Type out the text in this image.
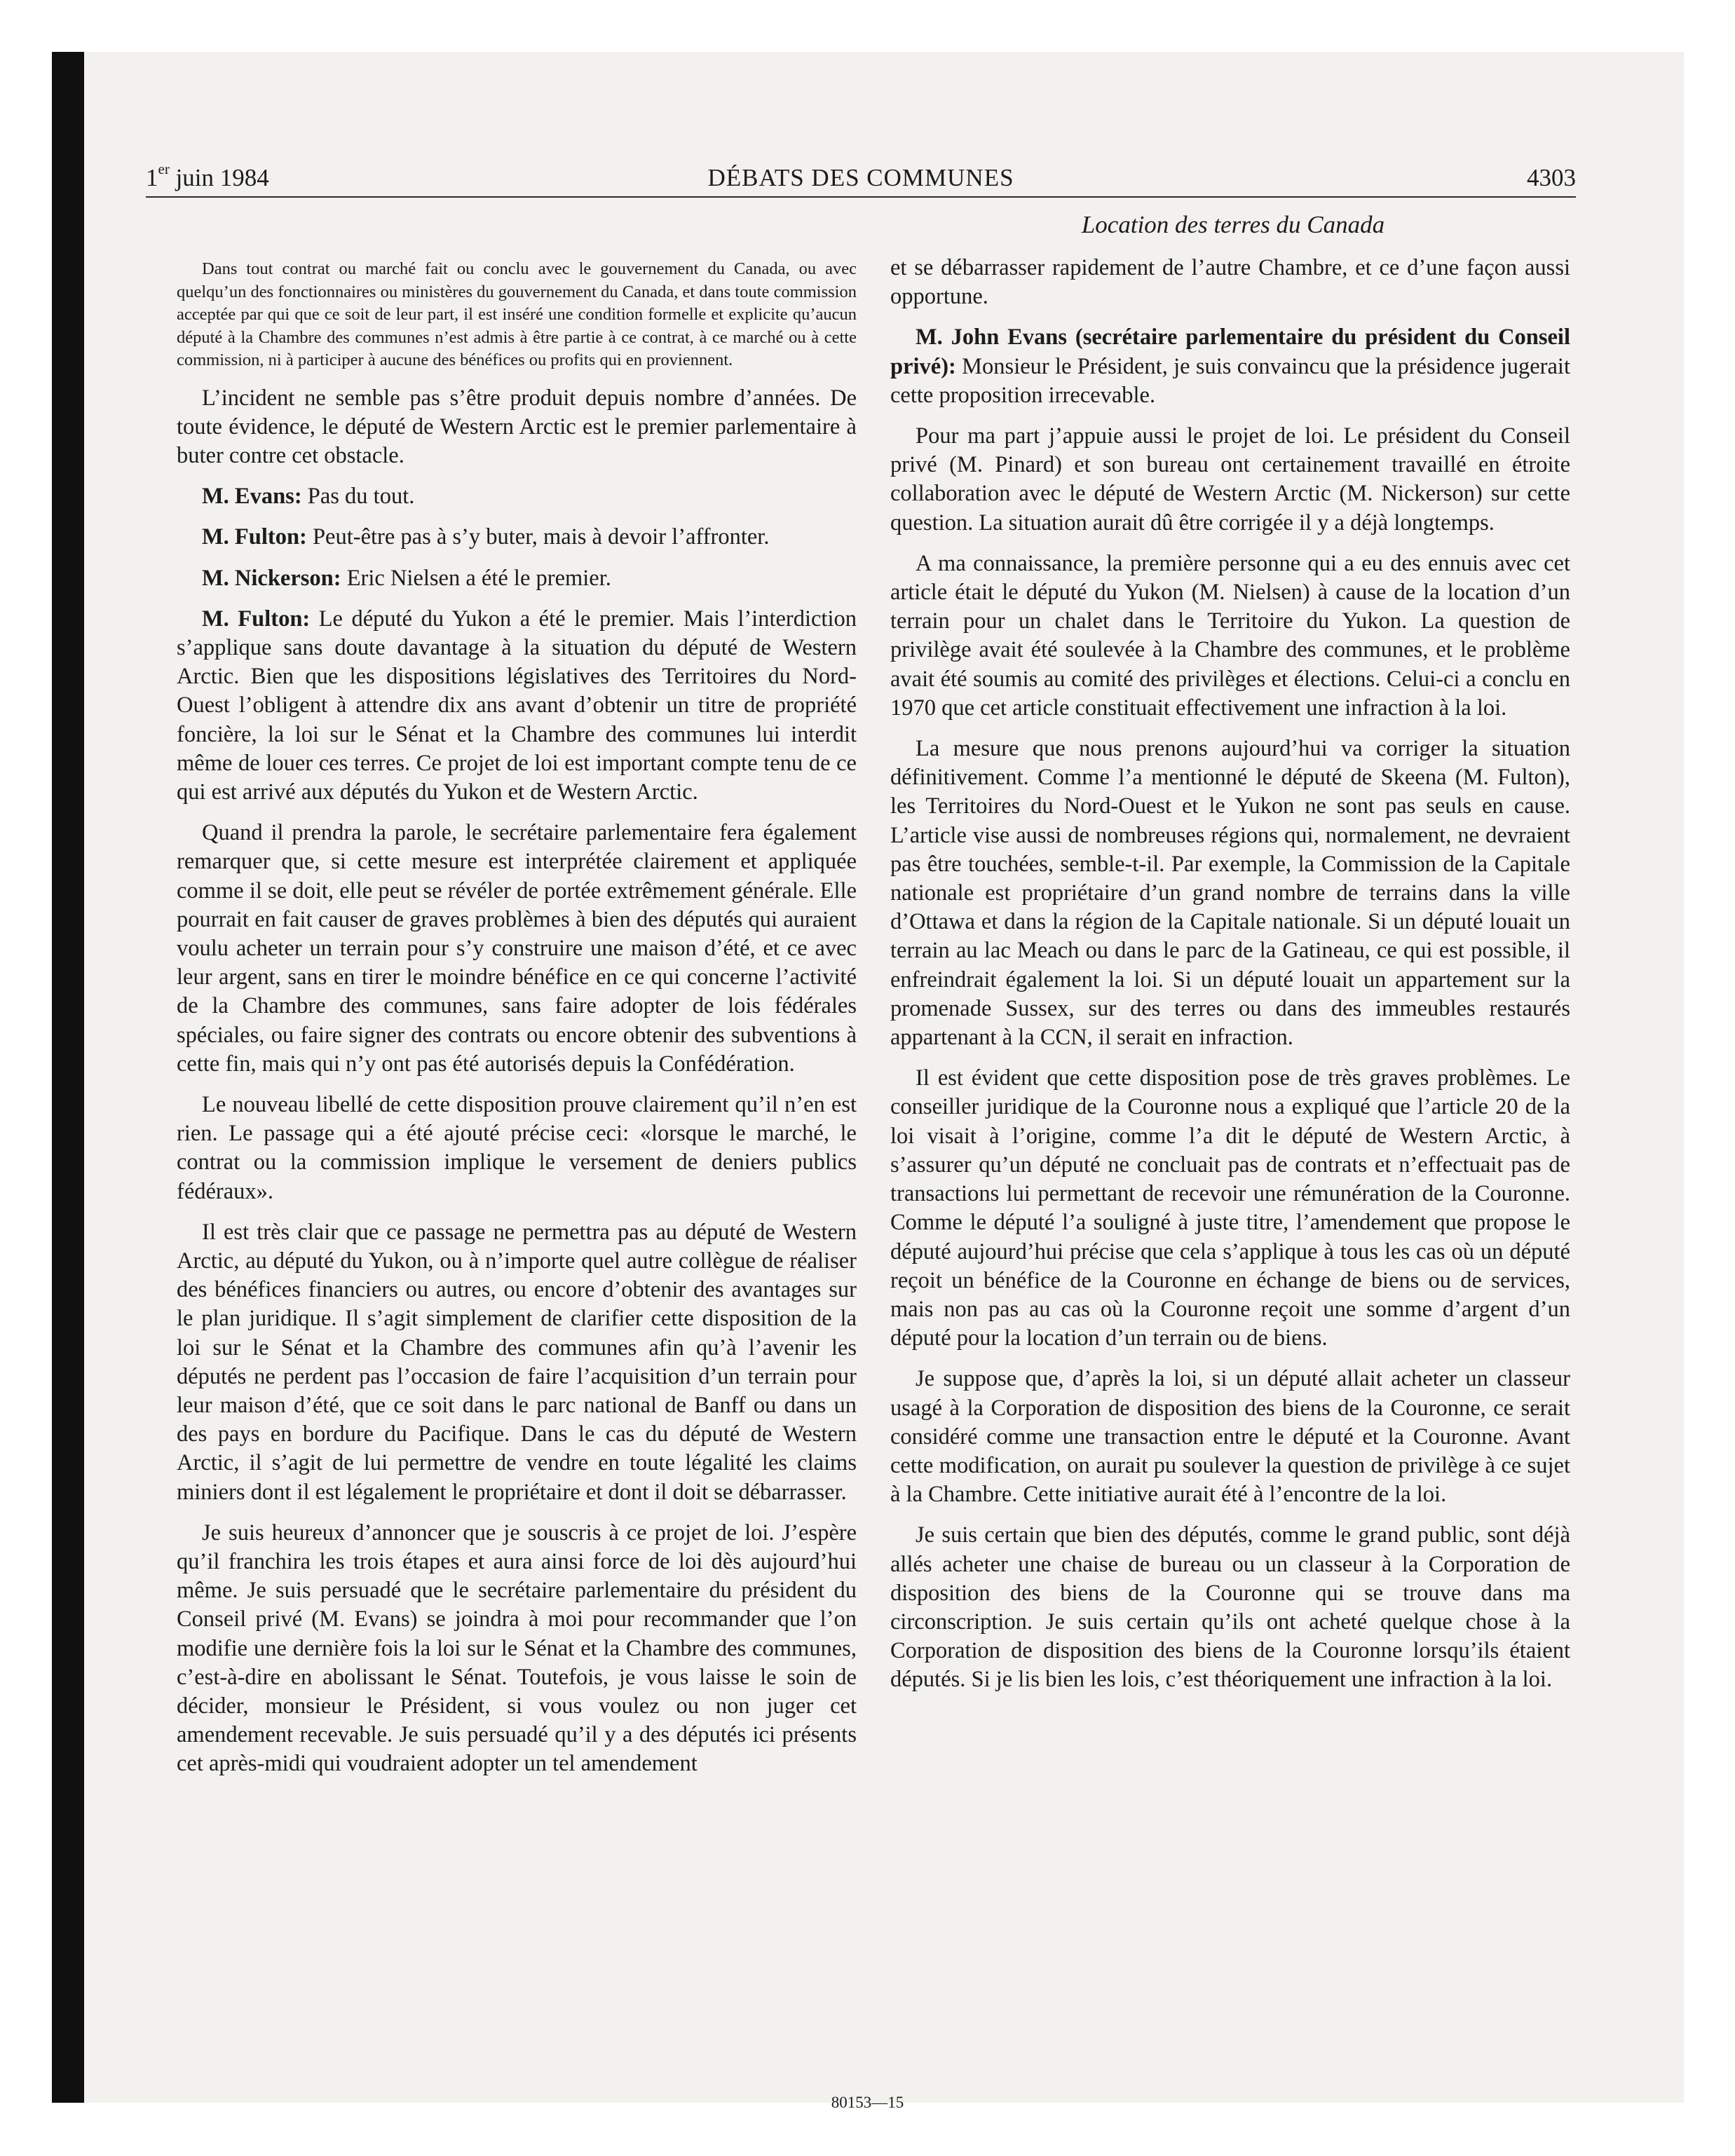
1er juin 1984	DÉBATS DES COMMUNES	4303
Location des terres du Canada

Dans tout contrat ou marché fait ou conclu avec le gouvernement du Canada, ou avec quelqu’un des fonctionnaires ou ministères du gouvernement du Canada, et dans toute commission acceptée par qui que ce soit de leur part, il est inséré une condition formelle et explicite qu’aucun député à la Chambre des communes n’est admis à être partie à ce contrat, à ce marché ou à cette commission, ni à participer à aucune des bénéfices ou profits qui en proviennent.

L’incident ne semble pas s’être produit depuis nombre d’années. De toute évidence, le député de Western Arctic est le premier parlementaire à buter contre cet obstacle.

M. Evans: Pas du tout.

M. Fulton: Peut-être pas à s’y buter, mais à devoir l’affronter.

M. Nickerson: Eric Nielsen a été le premier.

M. Fulton: Le député du Yukon a été le premier. Mais l’interdiction s’applique sans doute davantage à la situation du député de Western Arctic. Bien que les dispositions législatives des Territoires du Nord-Ouest l’obligent à attendre dix ans avant d’obtenir un titre de propriété foncière, la loi sur le Sénat et la Chambre des communes lui interdit même de louer ces terres. Ce projet de loi est important compte tenu de ce qui est arrivé aux députés du Yukon et de Western Arctic.

Quand il prendra la parole, le secrétaire parlementaire fera également remarquer que, si cette mesure est interprétée clairement et appliquée comme il se doit, elle peut se révéler de portée extrêmement générale. Elle pourrait en fait causer de graves problèmes à bien des députés qui auraient voulu acheter un terrain pour s’y construire une maison d’été, et ce avec leur argent, sans en tirer le moindre bénéfice en ce qui concerne l’activité de la Chambre des communes, sans faire adopter de lois fédérales spéciales, ou faire signer des contrats ou encore obtenir des subventions à cette fin, mais qui n’y ont pas été autorisés depuis la Confédération.

Le nouveau libellé de cette disposition prouve clairement qu’il n’en est rien. Le passage qui a été ajouté précise ceci: «lorsque le marché, le contrat ou la commission implique le versement de deniers publics fédéraux».

Il est très clair que ce passage ne permettra pas au député de Western Arctic, au député du Yukon, ou à n’importe quel autre collègue de réaliser des bénéfices financiers ou autres, ou encore d’obtenir des avantages sur le plan juridique. Il s’agit simplement de clarifier cette disposition de la loi sur le Sénat et la Chambre des communes afin qu’à l’avenir les députés ne perdent pas l’occasion de faire l’acquisition d’un terrain pour leur maison d’été, que ce soit dans le parc national de Banff ou dans un des pays en bordure du Pacifique. Dans le cas du député de Western Arctic, il s’agit de lui permettre de vendre en toute légalité les claims miniers dont il est légalement le propriétaire et dont il doit se débarrasser.

Je suis heureux d’annoncer que je souscris à ce projet de loi. J’espère qu’il franchira les trois étapes et aura ainsi force de loi dès aujourd’hui même. Je suis persuadé que le secrétaire parlementaire du président du Conseil privé (M. Evans) se joindra à moi pour recommander que l’on modifie une dernière fois la loi sur le Sénat et la Chambre des communes, c’est-à-dire en abolissant le Sénat. Toutefois, je vous laisse le soin de décider, monsieur le Président, si vous voulez ou non juger cet amendement recevable. Je suis persuadé qu’il y a des députés ici présents cet après-midi qui voudraient adopter un tel amendement

et se débarrasser rapidement de l’autre Chambre, et ce d’une façon aussi opportune.

M. John Evans (secrétaire parlementaire du président du Conseil privé): Monsieur le Président, je suis convaincu que la présidence jugerait cette proposition irrecevable.

Pour ma part j’appuie aussi le projet de loi. Le président du Conseil privé (M. Pinard) et son bureau ont certainement travaillé en étroite collaboration avec le député de Western Arctic (M. Nickerson) sur cette question. La situation aurait dû être corrigée il y a déjà longtemps.

A ma connaissance, la première personne qui a eu des ennuis avec cet article était le député du Yukon (M. Nielsen) à cause de la location d’un terrain pour un chalet dans le Territoire du Yukon. La question de privilège avait été soulevée à la Chambre des communes, et le problème avait été soumis au comité des privilèges et élections. Celui-ci a conclu en 1970 que cet article constituait effectivement une infraction à la loi.

La mesure que nous prenons aujourd’hui va corriger la situation définitivement. Comme l’a mentionné le député de Skeena (M. Fulton), les Territoires du Nord-Ouest et le Yukon ne sont pas seuls en cause. L’article vise aussi de nombreuses régions qui, normalement, ne devraient pas être touchées, semble-t-il. Par exemple, la Commission de la Capitale nationale est propriétaire d’un grand nombre de terrains dans la ville d’Ottawa et dans la région de la Capitale nationale. Si un député louait un terrain au lac Meach ou dans le parc de la Gatineau, ce qui est possible, il enfreindrait également la loi. Si un député louait un appartement sur la promenade Sussex, sur des terres ou dans des immeubles restaurés appartenant à la CCN, il serait en infraction.

Il est évident que cette disposition pose de très graves problèmes. Le conseiller juridique de la Couronne nous a expliqué que l’article 20 de la loi visait à l’origine, comme l’a dit le député de Western Arctic, à s’assurer qu’un député ne concluait pas de contrats et n’effectuait pas de transactions lui permettant de recevoir une rémunération de la Couronne. Comme le député l’a souligné à juste titre, l’amendement que propose le député aujourd’hui précise que cela s’applique à tous les cas où un député reçoit un bénéfice de la Couronne en échange de biens ou de services, mais non pas au cas où la Couronne reçoit une somme d’argent d’un député pour la location d’un terrain ou de biens.

Je suppose que, d’après la loi, si un député allait acheter un classeur usagé à la Corporation de disposition des biens de la Couronne, ce serait considéré comme une transaction entre le député et la Couronne. Avant cette modification, on aurait pu soulever la question de privilège à ce sujet à la Chambre. Cette initiative aurait été à l’encontre de la loi.

Je suis certain que bien des députés, comme le grand public, sont déjà allés acheter une chaise de bureau ou un classeur à la Corporation de disposition des biens de la Couronne qui se trouve dans ma circonscription. Je suis certain qu’ils ont acheté quelque chose à la Corporation de disposition des biens de la Couronne lorsqu’ils étaient députés. Si je lis bien les lois, c’est théoriquement une infraction à la loi.

80153—15
